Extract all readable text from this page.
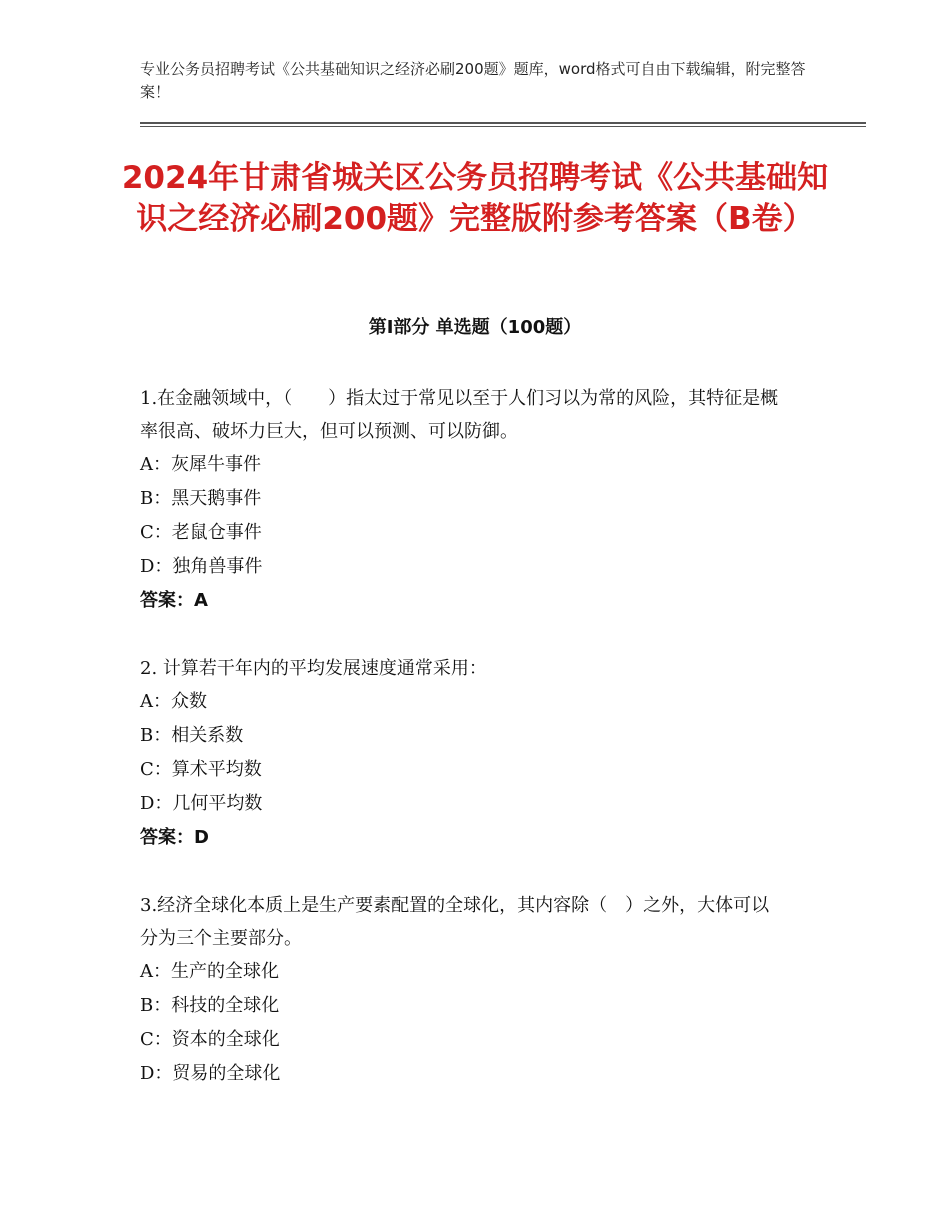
专业公务员招聘考试《公共基础知识之经济必刷200题》题库，word格式可自由下载编辑，附完整答案！
2024年甘肃省城关区公务员招聘考试《公共基础知识之经济必刷200题》完整版附参考答案（B卷）
第Ⅰ部分 单选题（100题）

1.在金融领域中，（　　）指太过于常见以至于人们习以为常的风险，其特征是概率很高、破坏力巨大，但可以预测、可以防御。

A：灰犀牛事件

B：黑天鹅事件

C：老鼠仓事件

D：独角兽事件

答案：A

2. 计算若干年内的平均发展速度通常采用：

A：众数

B：相关系数

C：算术平均数

D：几何平均数

答案：D

3.经济全球化本质上是生产要素配置的全球化，其内容除（　）之外，大体可以分为三个主要部分。

A：生产的全球化

B：科技的全球化

C：资本的全球化

D：贸易的全球化
